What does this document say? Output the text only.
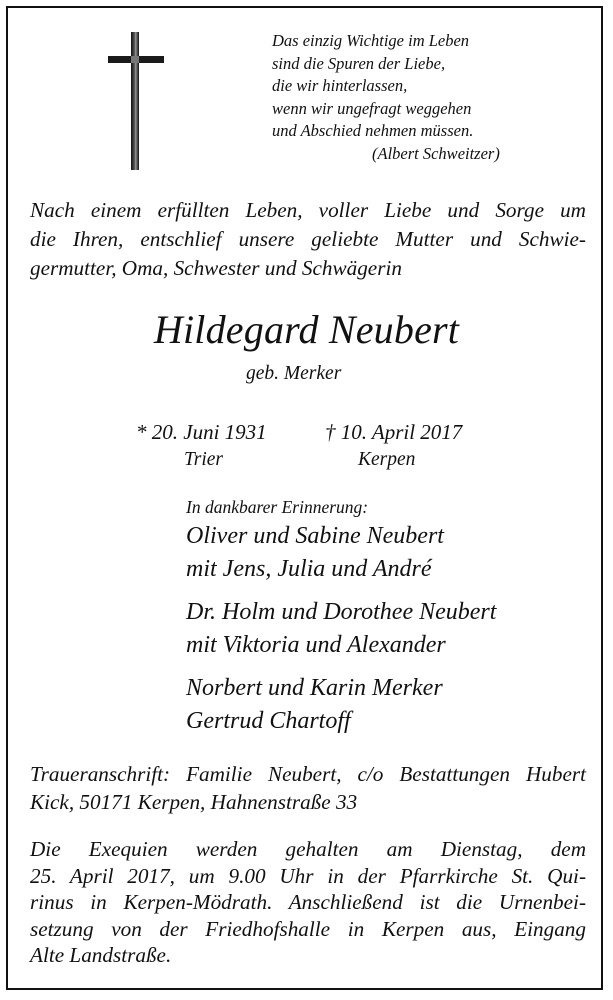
Das einzig Wichtige im Leben
sind die Spuren der Liebe,
die wir hinterlassen,
wenn wir ungefragt weggehen
und Abschied nehmen müssen.
(Albert Schweitzer)
Nach einem erfüllten Leben, voller Liebe und Sorge um
die Ihren, entschlief unsere geliebte Mutter und Schwie-
germutter, Oma, Schwester und Schwägerin
Hildegard Neubert
geb. Merker
* 20. Juni 1931	† 10. April 2017
Trier	Kerpen
In dankbarer Erinnerung:
Oliver und Sabine Neubert
mit Jens, Julia und André
Dr. Holm und Dorothee Neubert
mit Viktoria und Alexander
Norbert und Karin Merker
Gertrud Chartoff
Traueranschrift: Familie Neubert, c/o Bestattungen Hubert
Kick, 50171 Kerpen, Hahnenstraße 33
Die Exequien werden gehalten am Dienstag, dem
25. April 2017, um 9.00 Uhr in der Pfarrkirche St. Qui-
rinus in Kerpen-Mödrath. Anschließend ist die Urnenbei-
setzung von der Friedhofshalle in Kerpen aus, Eingang
Alte Landstraße.
